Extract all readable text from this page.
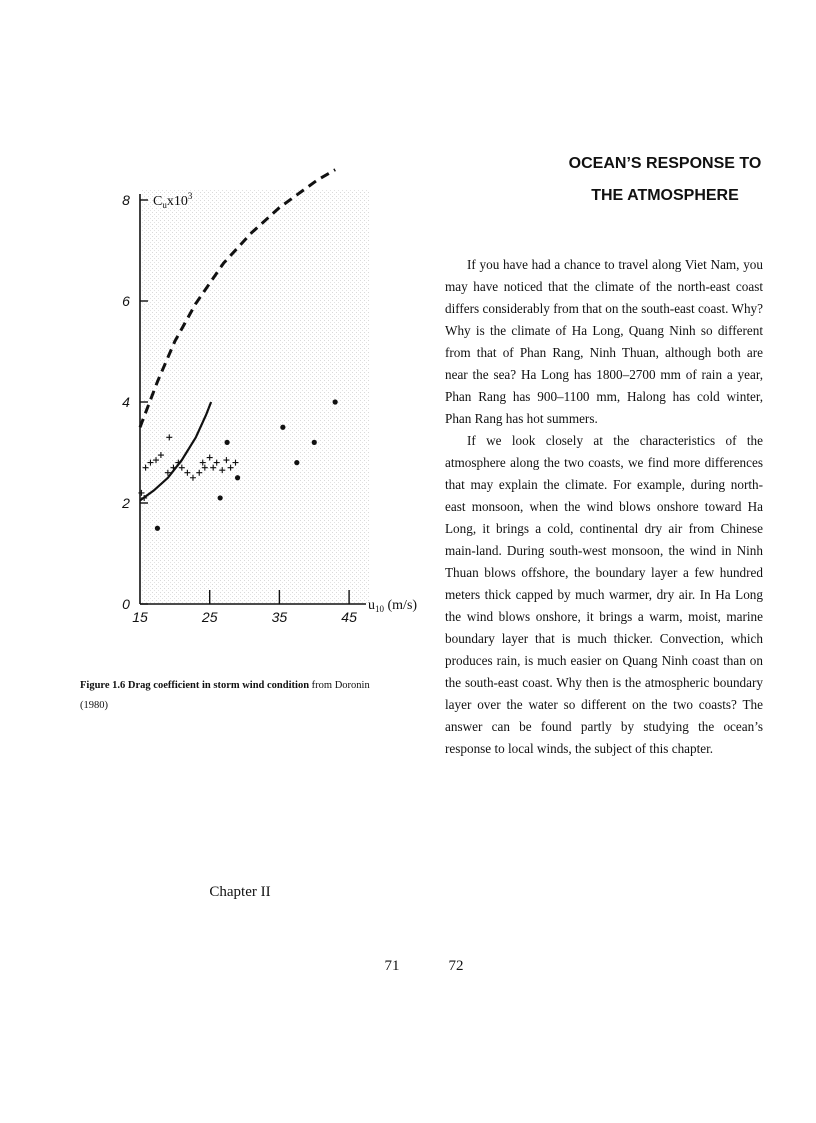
0
2
4
6
8
15	25	35	45
$C_ux10^3$
$u_{10}$ (m/s)
Figure 1.6 Drag coefficient in storm wind condition from Doronin
(1980)
Chapter II
71
OCEAN’S RESPONSE TO
THE ATMOSPHERE

If you have had a chance to travel along Viet Nam, you may have noticed that the climate of the north-east coast differs considerably from that on the south-east coast. Why? Why is the climate of Ha Long, Quang Ninh so different from that of Phan Rang, Ninh Thuan, although both are near the sea? Ha Long has 1800–2700 mm of rain a year, Phan Rang has 900–1100 mm, Halong has cold winter, Phan Rang has hot summers.

If we look closely at the characteristics of the atmosphere along the two coasts, we find more differences that may explain the climate. For example, during north-east monsoon, when the wind blows onshore toward Ha Long, it brings a cold, continental dry air from Chinese main-land. During south-west monsoon, the wind in Ninh Thuan blows offshore, the boundary layer a few hundred meters thick capped by much warmer, dry air. In Ha Long the wind blows onshore, it brings a warm, moist, marine boundary layer that is much thicker. Convection, which produces rain, is much easier on Quang Ninh coast than on the south-east coast. Why then is the atmospheric boundary layer over the water so different on the two coasts? The answer can be found partly by studying the ocean’s response to local winds, the subject of this chapter.

72
